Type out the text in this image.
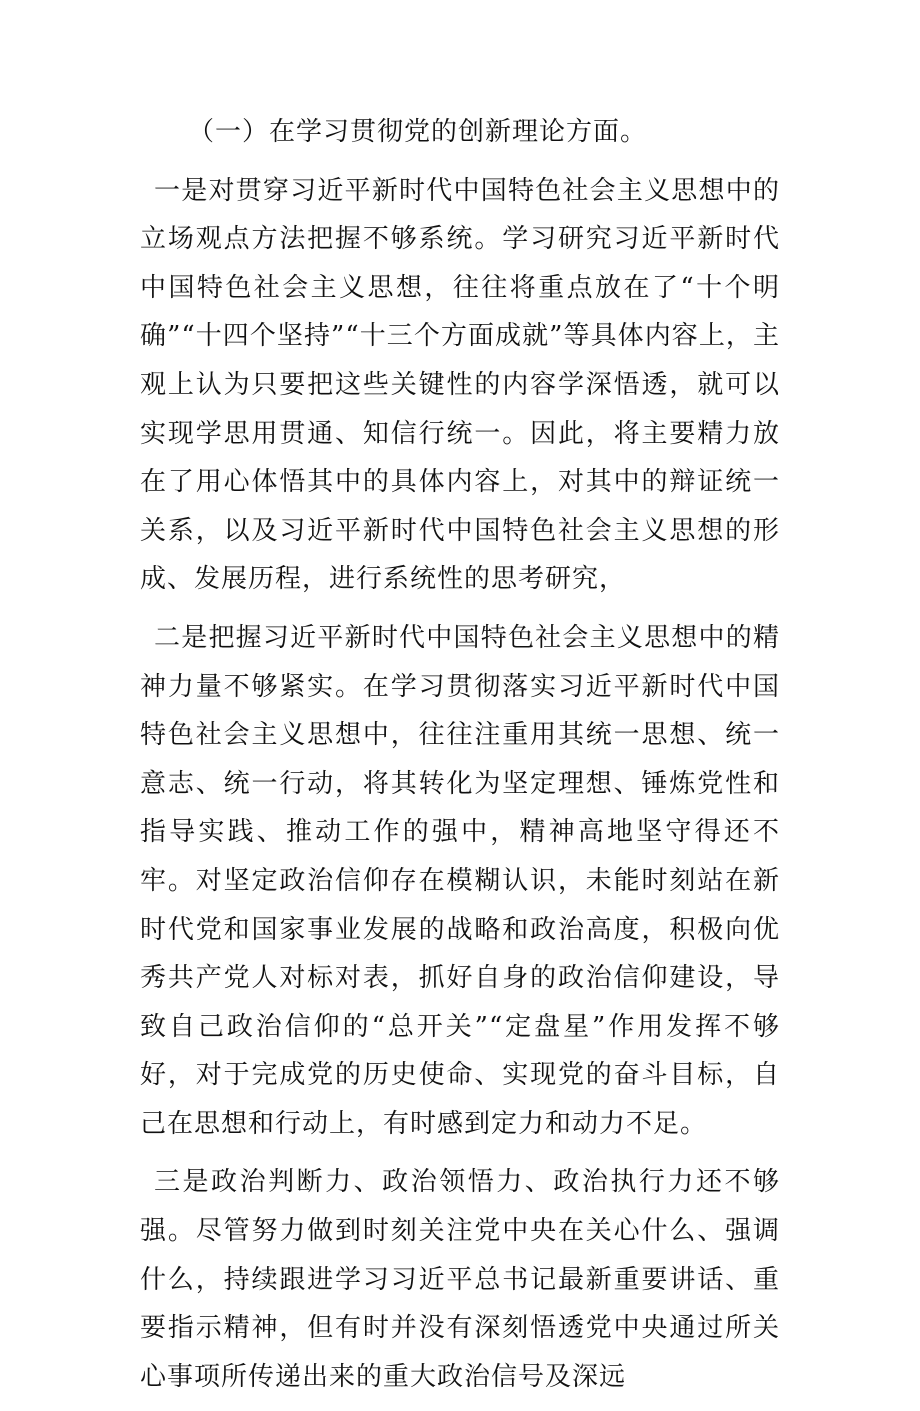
（一）在学习贯彻党的创新理论方面。

一是对贯穿习近平新时代中国特色社会主义思想中的立场观点方法把握不够系统。学习研究习近平新时代中国特色社会主义思想，往往将重点放在了“十个明确”“十四个坚持”“十三个方面成就”等具体内容上，主观上认为只要把这些关键性的内容学深悟透，就可以实现学思用贯通、知信行统一。因此，将主要精力放在了用心体悟其中的具体内容上，对其中的辩证统一关系，以及习近平新时代中国特色社会主义思想的形成、发展历程，进行系统性的思考研究，

二是把握习近平新时代中国特色社会主义思想中的精神力量不够紧实。在学习贯彻落实习近平新时代中国特色社会主义思想中，往往注重用其统一思想、统一意志、统一行动，将其转化为坚定理想、锤炼党性和指导实践、推动工作的强中，精神高地坚守得还不牢。对坚定政治信仰存在模糊认识，未能时刻站在新时代党和国家事业发展的战略和政治高度，积极向优秀共产党人对标对表，抓好自身的政治信仰建设，导致自己政治信仰的“总开关”“定盘星”作用发挥不够好，对于完成党的历史使命、实现党的奋斗目标，自己在思想和行动上，有时感到定力和动力不足。

三是政治判断力、政治领悟力、政治执行力还不够强。尽管努力做到时刻关注党中央在关心什么、强调什么，持续跟进学习习近平总书记最新重要讲话、重要指示精神，但有时并没有深刻悟透党中央通过所关心事项所传递出来的重大政治信号及深远
